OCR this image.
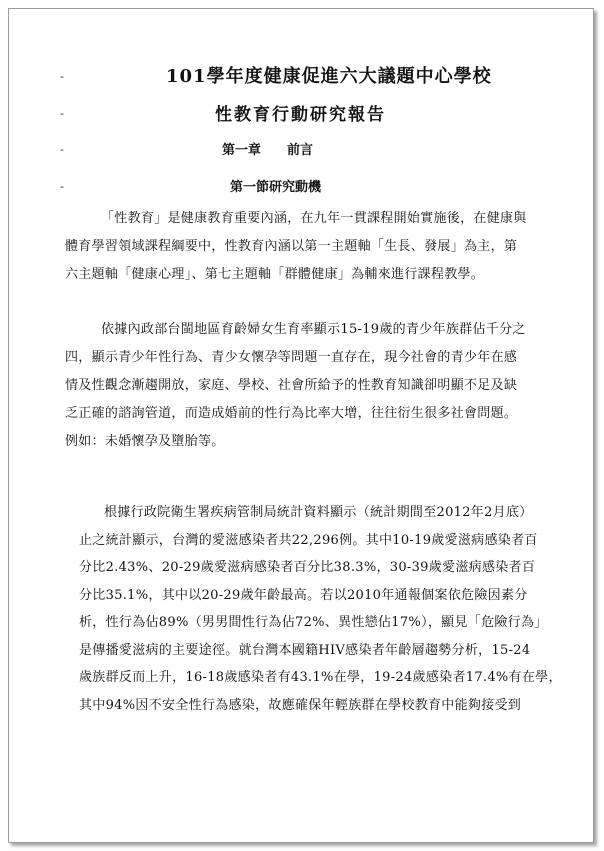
-
-
-
-
101學年度健康促進六大議題中心學校
性教育行動研究報告
第一章 前言
第一節研究動機
「性教育」是健康教育重要內涵，在九年一貫課程開始實施後，在健康與
體育學習領域課程綱要中，性教育內涵以第一主題軸「生長、發展」為主，第
六主題軸「健康心理」、第七主題軸「群體健康」為輔來進行課程教學。
依據內政部台閩地區育齡婦女生育率顯示15-19歲的青少年族群佔千分之
四，顯示青少年性行為、青少女懷孕等問題一直存在，現今社會的青少年在感
情及性觀念漸趨開放，家庭、學校、社會所給予的性教育知識卻明顯不足及缺
乏正確的諮詢管道，而造成婚前的性行為比率大增，往往衍生很多社會問題。
例如：未婚懷孕及墮胎等。
根據行政院衛生署疾病管制局統計資料顯示（統計期間至2012年2月底）
止之統計顯示，台灣的愛滋感染者共22,296例。其中10-19歲愛滋病感染者百
分比2.43%、20-29歲愛滋病感染者百分比38.3%，30-39歲愛滋病感染者百
分比35.1%，其中以20-29歲年齡最高。若以2010年通報個案依危險因素分
析，性行為佔89%（男男間性行為佔72%、異性戀佔17%），顯見「危險行為」
是傳播愛滋病的主要途徑。就台灣本國籍HIV感染者年齡層趨勢分析，15-24
歲族群反而上升，16-18歲感染者有43.1%在學，19-24歲感染者17.4%有在學，
其中94%因不安全性行為感染，故應確保年輕族群在學校教育中能夠接受到
